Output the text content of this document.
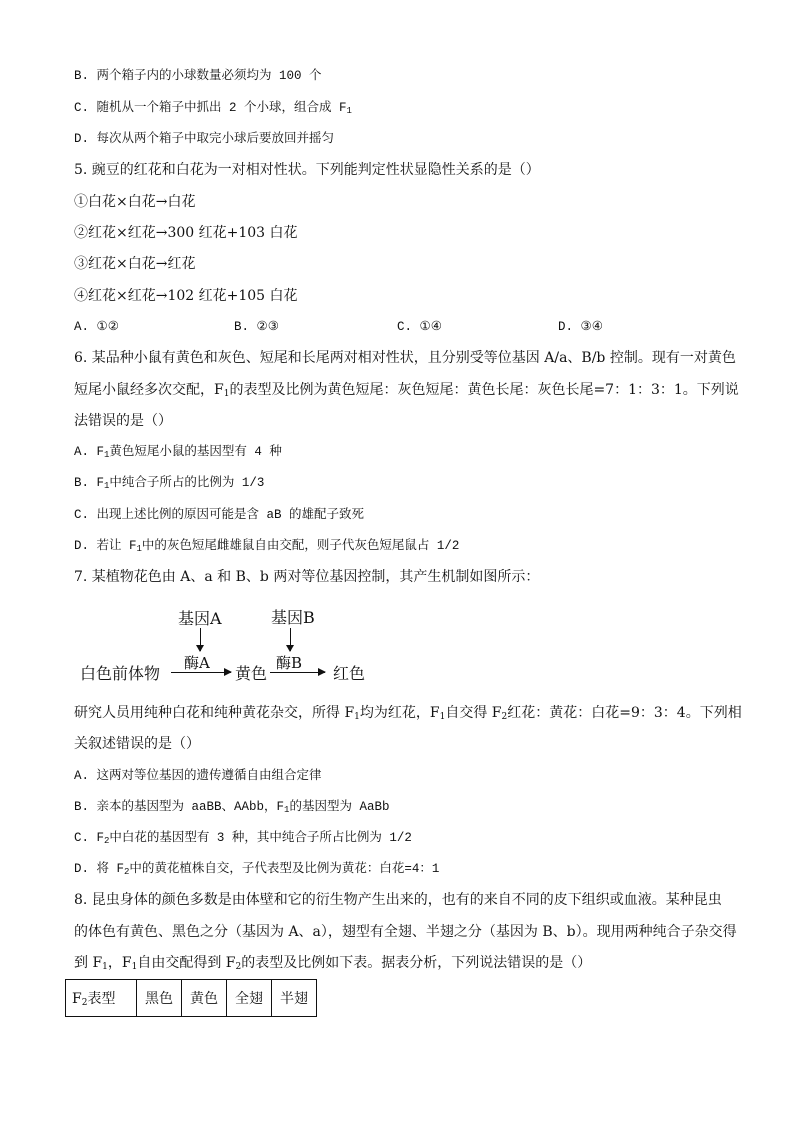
B. 两个箱子内的小球数量必须均为 100 个
C. 随机从一个箱子中抓出 2 个小球，组合成 $F_1$
D. 每次从两个箱子中取完小球后要放回并摇匀
5. 豌豆的红花和白花为一对相对性状。下列能判定性状显隐性关系的是（）
①白花×白花→白花
②红花×红花→300 红花+103 白花
③红花×白花→红花
④红花×红花→102 红花+105 白花
A. ①②	B. ②③	C. ①④	D. ③④
6. 某品种小鼠有黄色和灰色、短尾和长尾两对相对性状，且分别受等位基因 A/a、B/b 控制。现有一对黄色
短尾小鼠经多次交配，$F_1$的表型及比例为黄色短尾：灰色短尾：黄色长尾：灰色长尾=7：1：3：1。下列说
法错误的是（）
A. $F_1$黄色短尾小鼠的基因型有 4 种
B. $F_1$中纯合子所占的比例为 1/3
C. 出现上述比例的原因可能是含 aB 的雄配子致死
D. 若让 $F_1$中的灰色短尾雌雄鼠自由交配，则子代灰色短尾鼠占 1/2
7. 某植物花色由 A、a 和 B、b 两对等位基因控制，其产生机制如图所示：
基因A	基因B
酶A	酶B
白色前体物	黄色	红色
研究人员用纯种白花和纯种黄花杂交，所得 $F_1$均为红花，$F_1$自交得 $F_2$红花：黄花：白花=9：3：4。下列相
关叙述错误的是（）
A. 这两对等位基因的遗传遵循自由组合定律
B. 亲本的基因型为 aaBB、AAbb，$F_1$的基因型为 AaBb
C. $F_2$中白花的基因型有 3 种，其中纯合子所占比例为 1/2
D. 将 $F_2$中的黄花植株自交，子代表型及比例为黄花：白花=4：1
8. 昆虫身体的颜色多数是由体壁和它的衍生物产生出来的，也有的来自不同的皮下组织或血液。某种昆虫
的体色有黄色、黑色之分（基因为 A、a），翅型有全翅、半翅之分（基因为 B、b）。现用两种纯合子杂交得
到 $F_1$，$F_1$自由交配得到 $F_2$的表型及比例如下表。据表分析，下列说法错误的是（）
$F_2$表型	黑色	黄色	全翅	半翅
